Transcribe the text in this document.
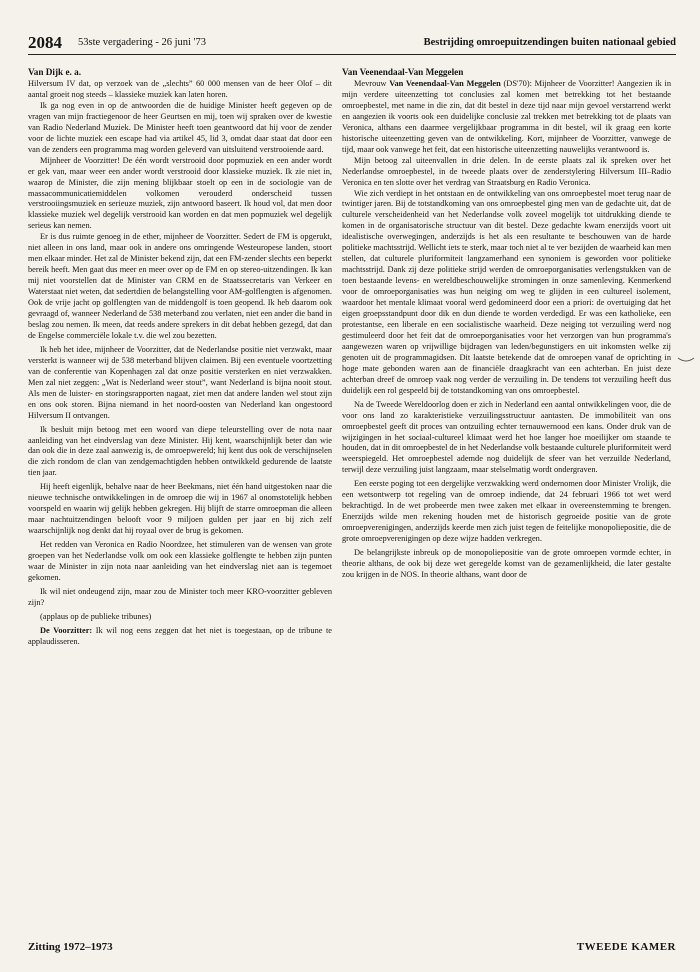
2084 53ste vergadering - 26 juni '73	Bestrijding omroepuitzendingen buiten nationaal gebied

Van Dijk e. a.

Hilversum IV dat, op verzoek van de „slechts” 60 000 mensen van de heer Olof – dit aantal groeit nog steeds – klassieke muziek kan laten horen.

Ik ga nog even in op de antwoorden die de huidige Minister heeft gegeven op de vragen van mijn fractiegenoor de heer Geurtsen en mij, toen wij spraken over de kwestie van Radio Nederland Muziek. De Minister heeft toen geantwoord dat hij voor de zender voor de lichte muziek een escape had via artikel 45, lid 3, omdat daar staat dat door een van de zenders een programma mag worden geleverd van uitsluitend verstrooiende aard.

Mijnheer de Voorzitter! De één wordt verstrooid door popmuziek en een ander wordt er gek van, maar weer een ander wordt verstrooid door klassieke muziek. Ik zie niet in, waarop de Minister, die zijn mening blijkbaar stoelt op een in de sociologie van de massacommunicatiemiddelen volkomen verouderd onderscheid tussen verstrooiingsmuziek en serieuze muziek, zijn antwoord baseert. Ik houd vol, dat men door klassieke muziek wel degelijk verstrooid kan worden en dat men popmuziek wel degelijk serieus kan nemen.

Er is dus ruimte genoeg in de ether, mijnheer de Voorzitter. Sedert de FM is opgerukt, niet alleen in ons land, maar ook in andere ons omringende Westeuropese landen, stoort men elkaar minder. Het zal de Minister bekend zijn, dat een FM-zender slechts een beperkt bereik heeft. Men gaat dus meer en meer over op de FM en op stereo-uitzendingen. Ik kan mij niet voorstellen dat de Minister van CRM en de Staatssecretaris van Verkeer en Waterstaat niet weten, dat sedertdien de belangstelling voor AM-golflengten is afgenomen. Ook de vrije jacht op golflengten van de middengolf is toen geopend. Ik heb daarom ook gevraagd of, wanneer Nederland de 538 meterband zou verlaten, niet een ander die band in beslag zou nemen. Ik meen, dat reeds andere sprekers in dit debat hebben gezegd, dat dan de Engelse commerciële lokale t.v. die wel zou bezetten.

Ik heb het idee, mijnheer de Voorzitter, dat de Nederlandse positie niet verzwakt, maar versterkt is wanneer wij de 538 meterband blijven claimen. Bij een eventuele voortzetting van de conferentie van Kopenhagen zal dat onze positie versterken en niet verzwakken. Men zal niet zeggen: „Wat is Nederland weer stout”, want Nederland is bijna nooit stout. Als men de luister- en storingsrapporten nagaat, ziet men dat andere landen wel stout zijn en ons ook storen. Bijna niemand in het noord-oosten van Nederland kan ongestoord Hilversum II ontvangen.

Ik besluit mijn betoog met een woord van diepe teleurstelling over de nota naar aanleiding van het eindverslag van deze Minister. Hij kent, waarschijnlijk beter dan wie dan ook die in deze zaal aanwezig is, de omroepwereld; hij kent dus ook de verschijnselen die zich rondom de clan van zendgemachtigden hebben ontwikkeld gedurende de laatste tien jaar.

Hij heeft eigenlijk, behalve naar de heer Beekmans, niet één hand uitgestoken naar die nieuwe technische ontwikkelingen in de omroep die wij in 1967 al onomstotelijk hebben voorspeld en waarin wij gelijk hebben gekregen. Hij blijft de starre omroepman die alleen maar nachtuitzendingen belooft voor 9 miljoen gulden per jaar en bij zich zelf waarschijnlijk nog denkt dat hij royaal over de brug is gekomen.

Het redden van Veronica en Radio Noordzee, het stimuleren van de wensen van grote groepen van het Nederlandse volk om ook een klassieke golflengte te hebben zijn punten waar de Minister in zijn nota naar aanleiding van het eindverslag niet aan is tegemoet gekomen.

Ik wil niet ondeugend zijn, maar zou de Minister toch meer KRO-voorzitter gebleven zijn?

(applaus op de publieke tribunes)

De Voorzitter: Ik wil nog eens zeggen dat het niet is toegestaan, op de tribune te applaudisseren.

Van Veenendaal-Van Meggelen

Mevrouw Van Veenendaal-Van Meggelen (DS'70): Mijnheer de Voorzitter! Aangezien ik in mijn verdere uiteenzetting tot conclusies zal komen met betrekking tot het bestaande omroepbestel, met name in die zin, dat dit bestel in deze tijd naar mijn gevoel verstarrend werkt en aangezien ik voorts ook een duidelijke conclusie zal trekken met betrekking tot de plaats van Veronica, althans een daarmee vergelijkbaar programma in dit bestel, wil ik graag een korte historische uiteenzetting geven van de ontwikkeling. Kort, mijnheer de Voorzitter, vanwege de tijd, maar ook vanwege het feit, dat een historische uiteenzetting nauwelijks verantwoord is.

Mijn betoog zal uiteenvallen in drie delen. In de eerste plaats zal ik spreken over het Nederlandse omroepbestel, in de tweede plaats over de zenderstylering Hilversum III–Radio Veronica en ten slotte over het verdrag van Straatsburg en Radio Veronica.

Wie zich verdiept in het ontstaan en de ontwikkeling van ons omroepbestel moet terug naar de twintiger jaren. Bij de totstandkoming van ons omroepbestel ging men van de gedachte uit, dat de culturele verscheidenheid van het Nederlandse volk zoveel mogelijk tot uitdrukking diende te komen in de organisatorische structuur van dit bestel. Deze gedachte kwam enerzijds voort uit idealistische overwegingen, anderzijds is het als een resultante te beschouwen van de harde politieke machtsstrijd. Wellicht iets te sterk, maar toch niet al te ver bezijden de waarheid kan men stellen, dat culturele pluriformiteit langzamerhand een synoniem is geworden voor politieke machtsstrijd. Dank zij deze politieke strijd werden de omroeporganisaties verlengstukken van de toen bestaande levens- en wereldbeschouwelijke stromingen in onze samenleving. Kenmerkend voor de omroeporganisaties was hun neiging om weg te glijden in een cultureel isolement, waardoor het mentale klimaat vooral werd gedomineerd door een a priori: de overtuiging dat het eigen groepsstandpunt door dik en dun diende te worden verdedigd. Er was een katholieke, een protestantse, een liberale en een socialistische waarheid. Deze neiging tot verzuiling werd nog gestimuleerd door het feit dat de omroeporganisaties voor het verzorgen van hun programma's aangewezen waren op vrijwillige bijdragen van leden/begunstigers en uit inkomsten welke zij genoten uit de programmagidsen. Dit laatste betekende dat de omroepen vanaf de oprichting in hoge mate gebonden waren aan de financiële draagkracht van een achterban. En juist deze achterban dreef de omroep vaak nog verder de verzuiling in. De tendens tot verzuiling heeft dus duidelijk een rol gespeeld bij de totstandkoming van ons omroepbestel.

Na de Tweede Wereldoorlog doen er zich in Nederland een aantal ontwikkelingen voor, die de voor ons land zo karakteristieke verzuilingsstructuur aantasten. De immobiliteit van ons omroepbestel geeft dit proces van ontzuiling echter ternauwernood een kans. Onder druk van de wijzigingen in het sociaal-cultureel klimaat werd het hoe langer hoe moeilijker om staande te houden, dat in dit omroepbestel de in het Nederlandse volk bestaande culturele pluriformiteit werd weerspiegeld. Het omroepbestel ademde nog duidelijk de sfeer van het verzuilde Nederland, terwijl deze verzuiling juist langzaam, maar stelselmatig wordt ondergraven.

Een eerste poging tot een dergelijke verzwakking werd ondernomen door Minister Vrolijk, die een wetsontwerp tot regeling van de omroep indiende, dat 24 februari 1966 tot wet werd bekrachtigd. In de wet probeerde men twee zaken met elkaar in overeenstemming te brengen. Enerzijds wilde men rekening houden met de historisch gegroeide positie van de grote omroepverenigingen, anderzijds keerde men zich juist tegen de feitelijke monopoliepositie, die de grote omroepverenigingen op deze wijze hadden verkregen.

De belangrijkste inbreuk op de monopoliepositie van de grote omroepen vormde echter, in theorie althans, de ook bij deze wet geregelde komst van de gezamenlijkheid, die later gestalte zou krijgen in de NOS. In theorie althans, want door de

Zitting 1972–1973	TWEEDE KAMER
